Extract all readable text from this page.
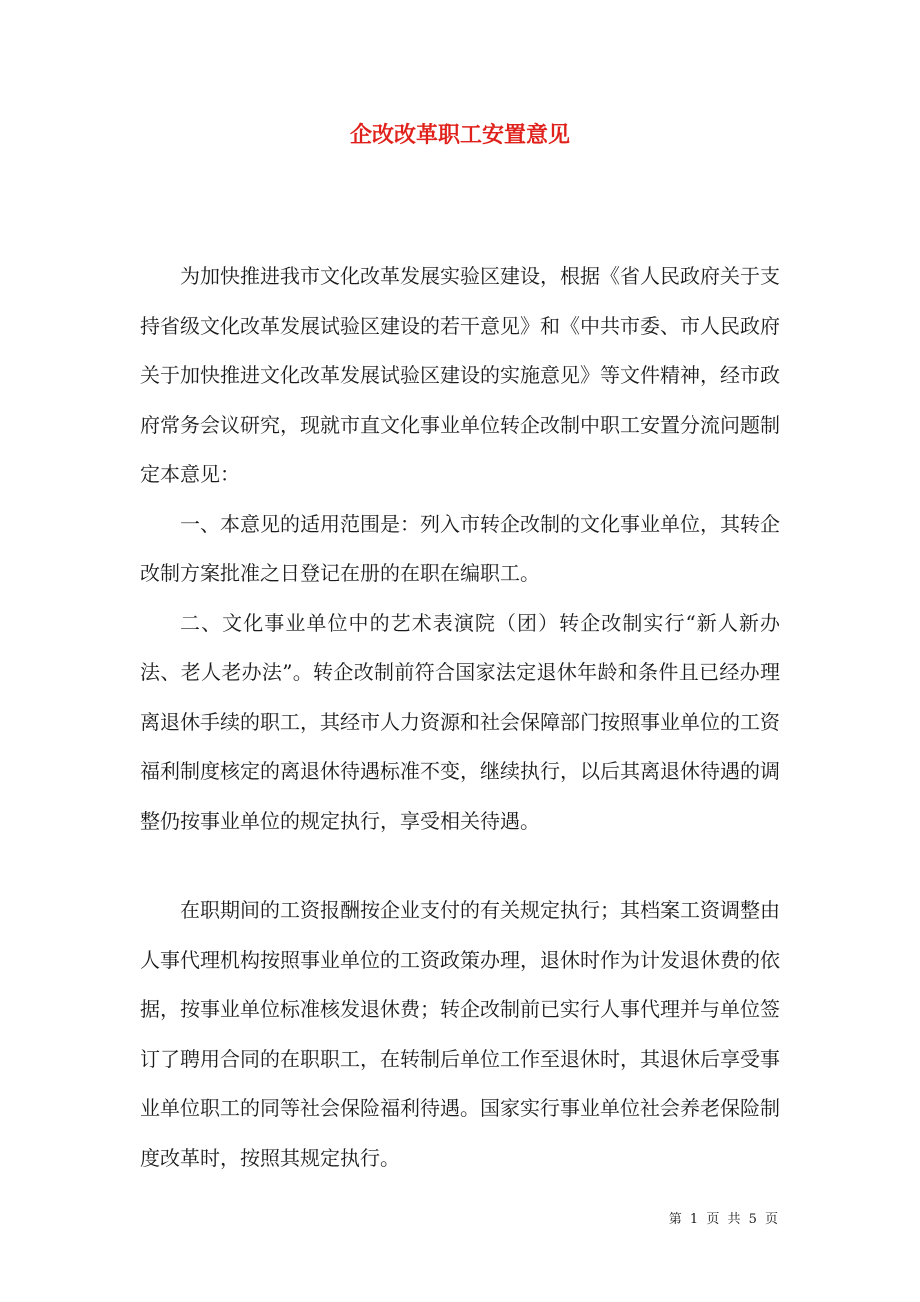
企改改革职工安置意见

为加快推进我市文化改革发展实验区建设，根据《省人民政府关于支持省级文化改革发展试验区建设的若干意见》和《中共市委、市人民政府关于加快推进文化改革发展试验区建设的实施意见》等文件精神，经市政府常务会议研究，现就市直文化事业单位转企改制中职工安置分流问题制定本意见：

一、本意见的适用范围是：列入市转企改制的文化事业单位，其转企改制方案批准之日登记在册的在职在编职工。

二、文化事业单位中的艺术表演院（团）转企改制实行“新人新办法、老人老办法”。转企改制前符合国家法定退休年龄和条件且已经办理离退休手续的职工，其经市人力资源和社会保障部门按照事业单位的工资福利制度核定的离退休待遇标准不变，继续执行，以后其离退休待遇的调整仍按事业单位的规定执行，享受相关待遇。

在职期间的工资报酬按企业支付的有关规定执行；其档案工资调整由人事代理机构按照事业单位的工资政策办理，退休时作为计发退休费的依据，按事业单位标准核发退休费；转企改制前已实行人事代理并与单位签订了聘用合同的在职职工，在转制后单位工作至退休时，其退休后享受事业单位职工的同等社会保险福利待遇。国家实行事业单位社会养老保险制度改革时，按照其规定执行。

第 1 页 共 5 页
